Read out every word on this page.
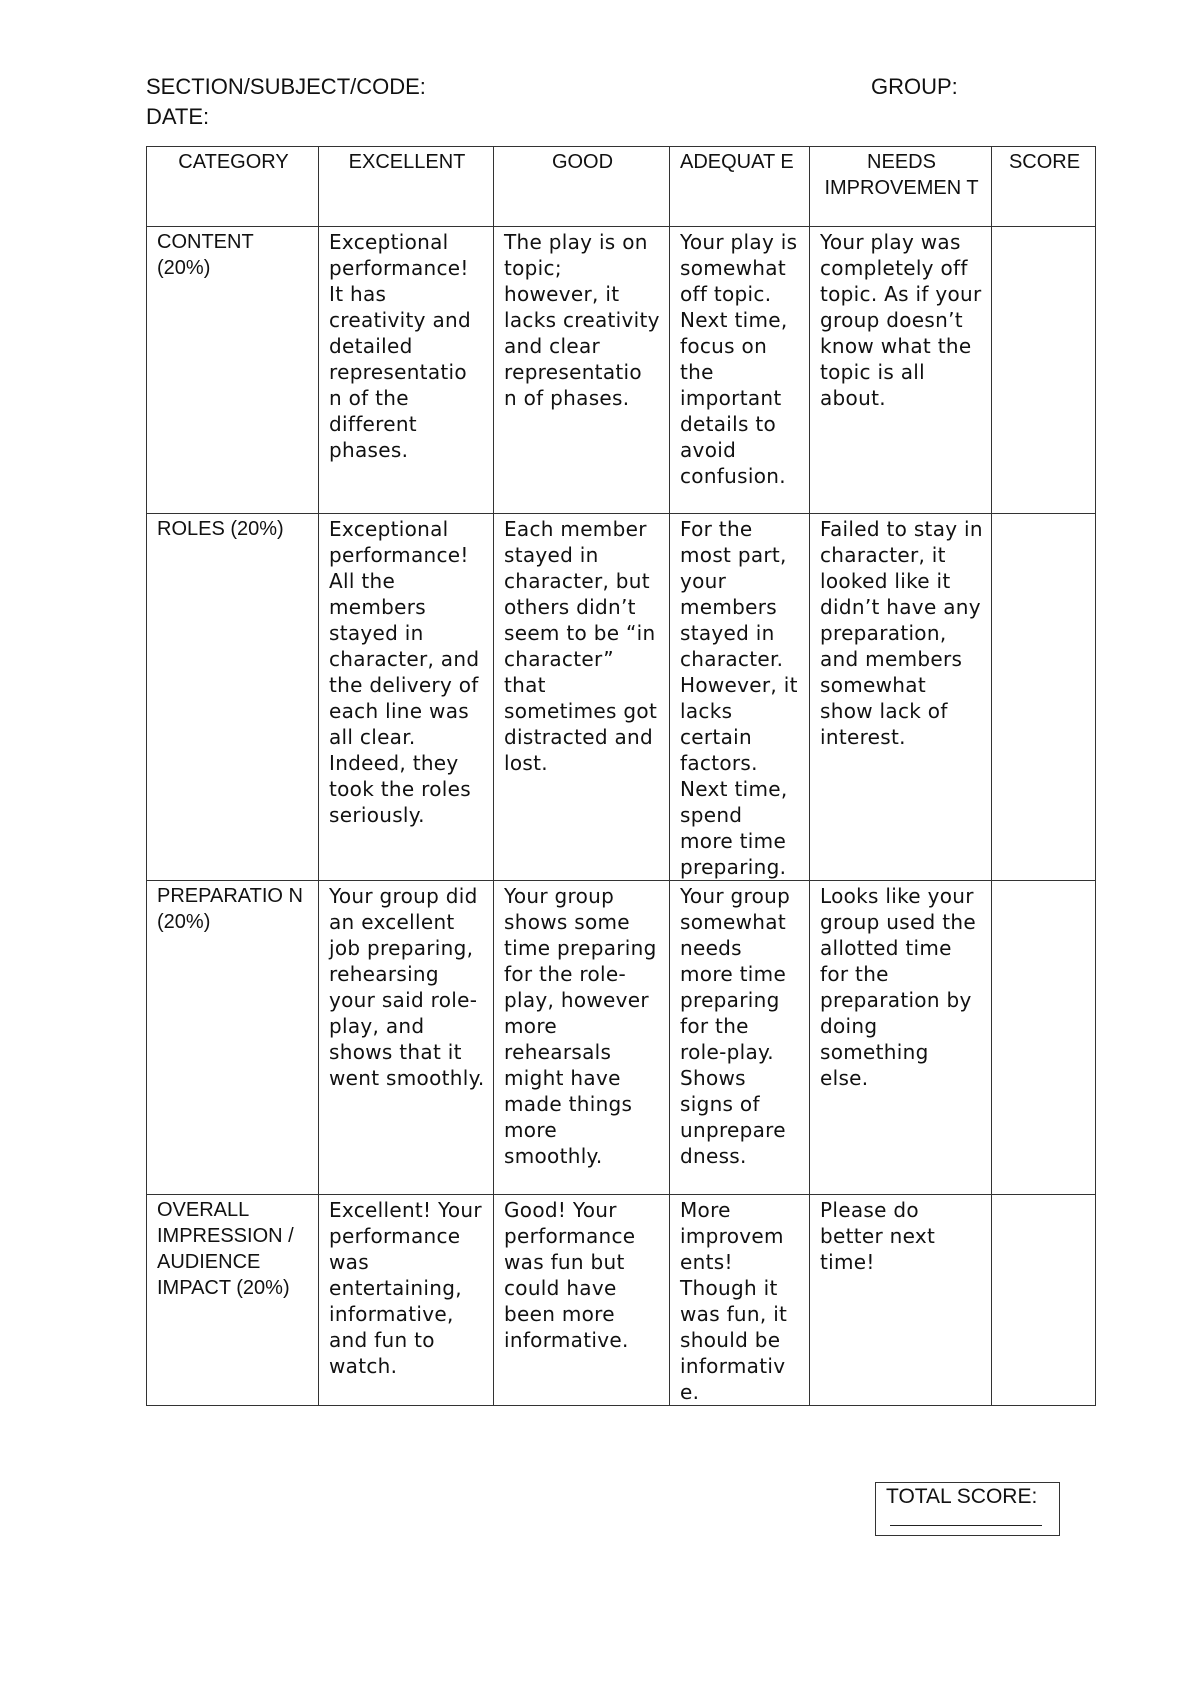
SECTION/SUBJECT/CODE:	GROUP:
DATE:
CATEGORY	EXCELLENT	GOOD	ADEQUAT E	NEEDS IMPROVEMEN T	SCORE
CONTENT (20%)	Exceptional performance! It has creativity and detailed representatio n of the different phases.	The play is on topic; however, it lacks creativity and clear representatio n of phases.	Your play is somewhat off topic. Next time, focus on the important details to avoid confusion.	Your play was completely off topic. As if your group doesn’t know what the topic is all about.	
ROLES (20%)	Exceptional performance! All the members stayed in character, and the delivery of each line was all clear. Indeed, they took the roles seriously.	Each member stayed in character, but others didn’t seem to be “in character” that sometimes got distracted and lost.	For the most part, your members stayed in character. However, it lacks certain factors. Next time, spend more time preparing.	Failed to stay in character, it looked like it didn’t have any preparation, and members somewhat show lack of interest.	
PREPARATIO N (20%)	Your group did an excellent job preparing, rehearsing your said role-play, and shows that it went smoothly.	Your group shows some time preparing for the role-play, however more rehearsals might have made things more smoothly.	Your group somewhat needs more time preparing for the role-play. Shows signs of unprepare dness.	Looks like your group used the allotted time for the preparation by doing something else.	
OVERALL IMPRESSION / AUDIENCE IMPACT (20%)	Excellent! Your performance was entertaining, informative, and fun to watch.	Good! Your performance was fun but could have been more informative.	More improvem ents! Though it was fun, it should be informativ e.	Please do better next time!	
TOTAL SCORE:
